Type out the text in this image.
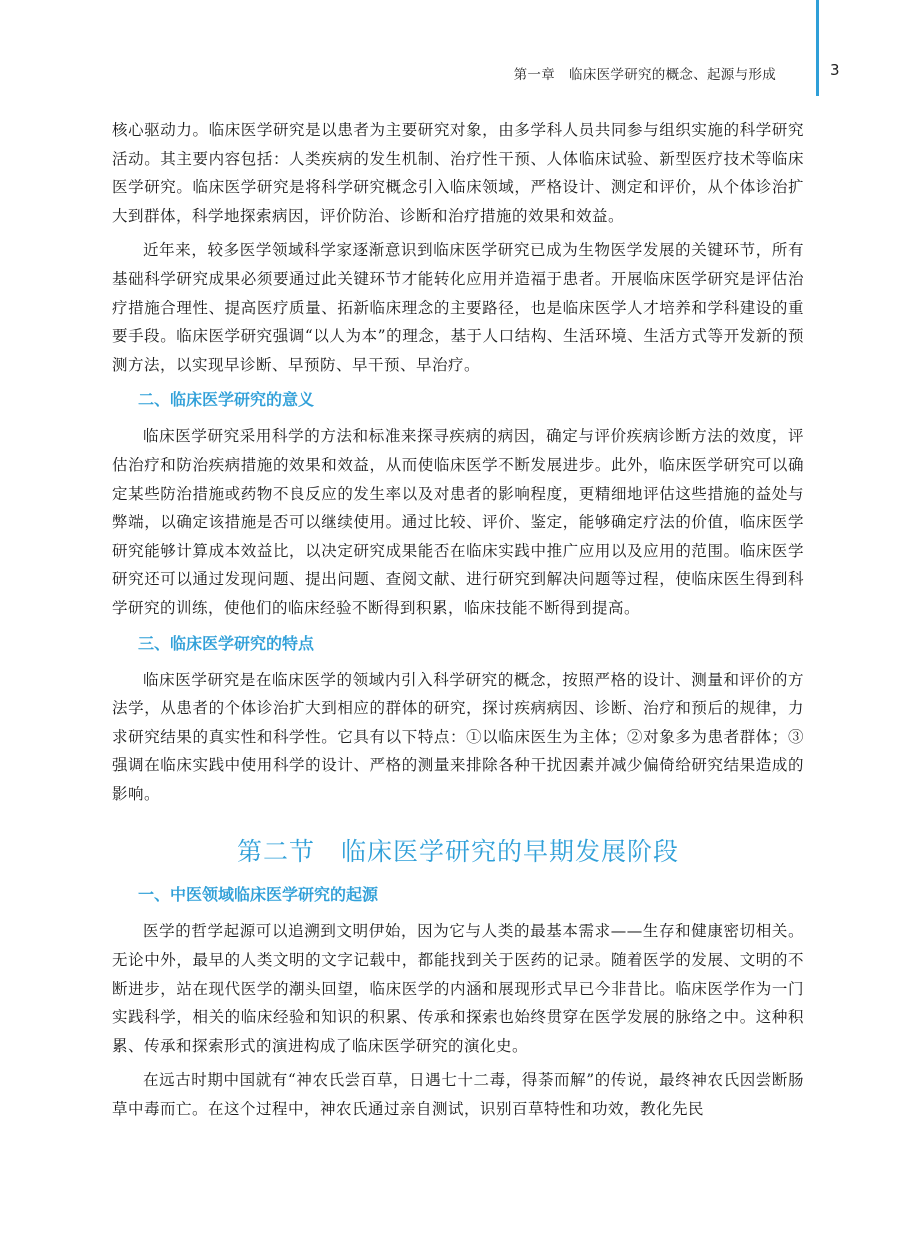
第一章 临床医学研究的概念、起源与形成	3

核心驱动力。临床医学研究是以患者为主要研究对象，由多学科人员共同参与组织实施的科学研究活动。其主要内容包括：人类疾病的发生机制、治疗性干预、人体临床试验、新型医疗技术等临床医学研究。临床医学研究是将科学研究概念引入临床领域，严格设计、测定和评价，从个体诊治扩大到群体，科学地探索病因，评价防治、诊断和治疗措施的效果和效益。

近年来，较多医学领域科学家逐渐意识到临床医学研究已成为生物医学发展的关键环节，所有基础科学研究成果必须要通过此关键环节才能转化应用并造福于患者。开展临床医学研究是评估治疗措施合理性、提高医疗质量、拓新临床理念的主要路径，也是临床医学人才培养和学科建设的重要手段。临床医学研究强调“以人为本”的理念，基于人口结构、生活环境、生活方式等开发新的预测方法，以实现早诊断、早预防、早干预、早治疗。

二、临床医学研究的意义

临床医学研究采用科学的方法和标准来探寻疾病的病因，确定与评价疾病诊断方法的效度，评估治疗和防治疾病措施的效果和效益，从而使临床医学不断发展进步。此外，临床医学研究可以确定某些防治措施或药物不良反应的发生率以及对患者的影响程度，更精细地评估这些措施的益处与弊端，以确定该措施是否可以继续使用。通过比较、评价、鉴定，能够确定疗法的价值，临床医学研究能够计算成本效益比，以决定研究成果能否在临床实践中推广应用以及应用的范围。临床医学研究还可以通过发现问题、提出问题、查阅文献、进行研究到解决问题等过程，使临床医生得到科学研究的训练，使他们的临床经验不断得到积累，临床技能不断得到提高。

三、临床医学研究的特点

临床医学研究是在临床医学的领域内引入科学研究的概念，按照严格的设计、测量和评价的方法学，从患者的个体诊治扩大到相应的群体的研究，探讨疾病病因、诊断、治疗和预后的规律，力求研究结果的真实性和科学性。它具有以下特点：①以临床医生为主体；②对象多为患者群体；③强调在临床实践中使用科学的设计、严格的测量来排除各种干扰因素并减少偏倚给研究结果造成的影响。

第二节 临床医学研究的早期发展阶段
一、中医领域临床医学研究的起源

医学的哲学起源可以追溯到文明伊始，因为它与人类的最基本需求——生存和健康密切相关。无论中外，最早的人类文明的文字记载中，都能找到关于医药的记录。随着医学的发展、文明的不断进步，站在现代医学的潮头回望，临床医学的内涵和展现形式早已今非昔比。临床医学作为一门实践科学，相关的临床经验和知识的积累、传承和探索也始终贯穿在医学发展的脉络之中。这种积累、传承和探索形式的演进构成了临床医学研究的演化史。

在远古时期中国就有“神农氏尝百草，日遇七十二毒，得荼而解”的传说，最终神农氏因尝断肠草中毒而亡。在这个过程中，神农氏通过亲自测试，识别百草特性和功效，教化先民
